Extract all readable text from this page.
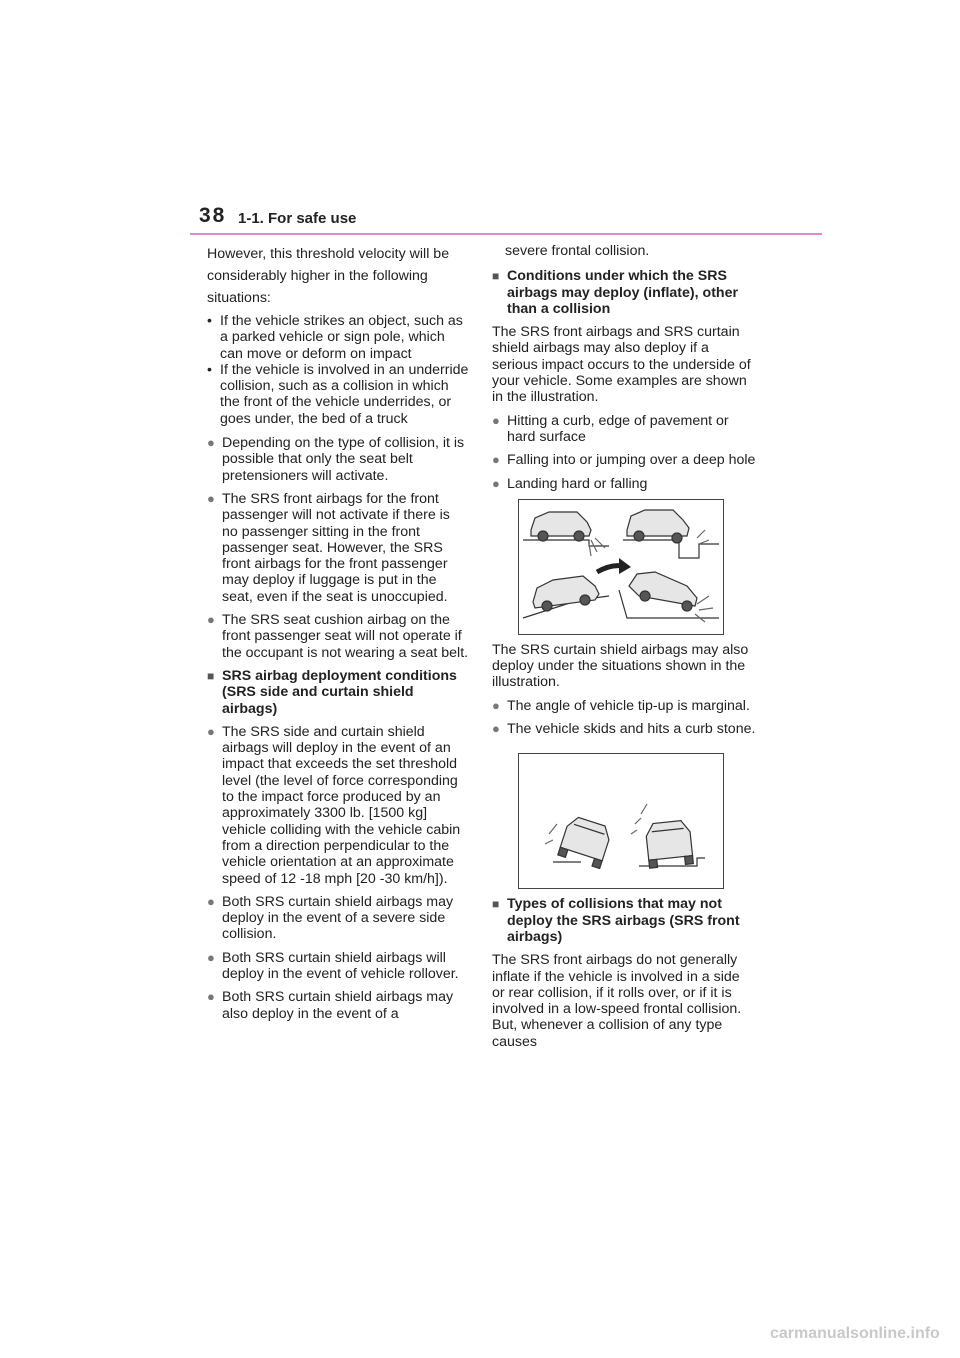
38 1-1. For safe use

However, this threshold velocity will be considerably higher in the following situations:

• If the vehicle strikes an object, such as a parked vehicle or sign pole, which can move or deform on impact
• If the vehicle is involved in an underride collision, such as a collision in which the front of the vehicle underrides, or goes under, the bed of a truck
● Depending on the type of collision, it is possible that only the seat belt pretensioners will activate.
● The SRS front airbags for the front passenger will not activate if there is no passenger sitting in the front passenger seat. However, the SRS front airbags for the front passenger may deploy if luggage is put in the seat, even if the seat is unoccupied.
● The SRS seat cushion airbag on the front passenger seat will not operate if the occupant is not wearing a seat belt.
■ SRS airbag deployment conditions (SRS side and curtain shield airbags)
● The SRS side and curtain shield airbags will deploy in the event of an impact that exceeds the set threshold level (the level of force corresponding to the impact force produced by an approximately 3300 lb. [1500 kg] vehicle colliding with the vehicle cabin from a direction perpendicular to the vehicle orientation at an approximate speed of 12 -18 mph [20 -30 km/h]).
● Both SRS curtain shield airbags may deploy in the event of a severe side collision.
● Both SRS curtain shield airbags will deploy in the event of vehicle rollover.
● Both SRS curtain shield airbags may also deploy in the event of a

severe frontal collision.

■ Conditions under which the SRS airbags may deploy (inflate), other than a collision

The SRS front airbags and SRS curtain shield airbags may also deploy if a serious impact occurs to the underside of your vehicle. Some examples are shown in the illustration.

● Hitting a curb, edge of pavement or hard surface
● Falling into or jumping over a deep hole
● Landing hard or falling

The SRS curtain shield airbags may also deploy under the situations shown in the illustration.

● The angle of vehicle tip-up is marginal.
● The vehicle skids and hits a curb stone.
■ Types of collisions that may not deploy the SRS airbags (SRS front airbags)

The SRS front airbags do not generally inflate if the vehicle is involved in a side or rear collision, if it rolls over, or if it is involved in a low-speed frontal collision. But, whenever a collision of any type causes

carmanualsonline.info
